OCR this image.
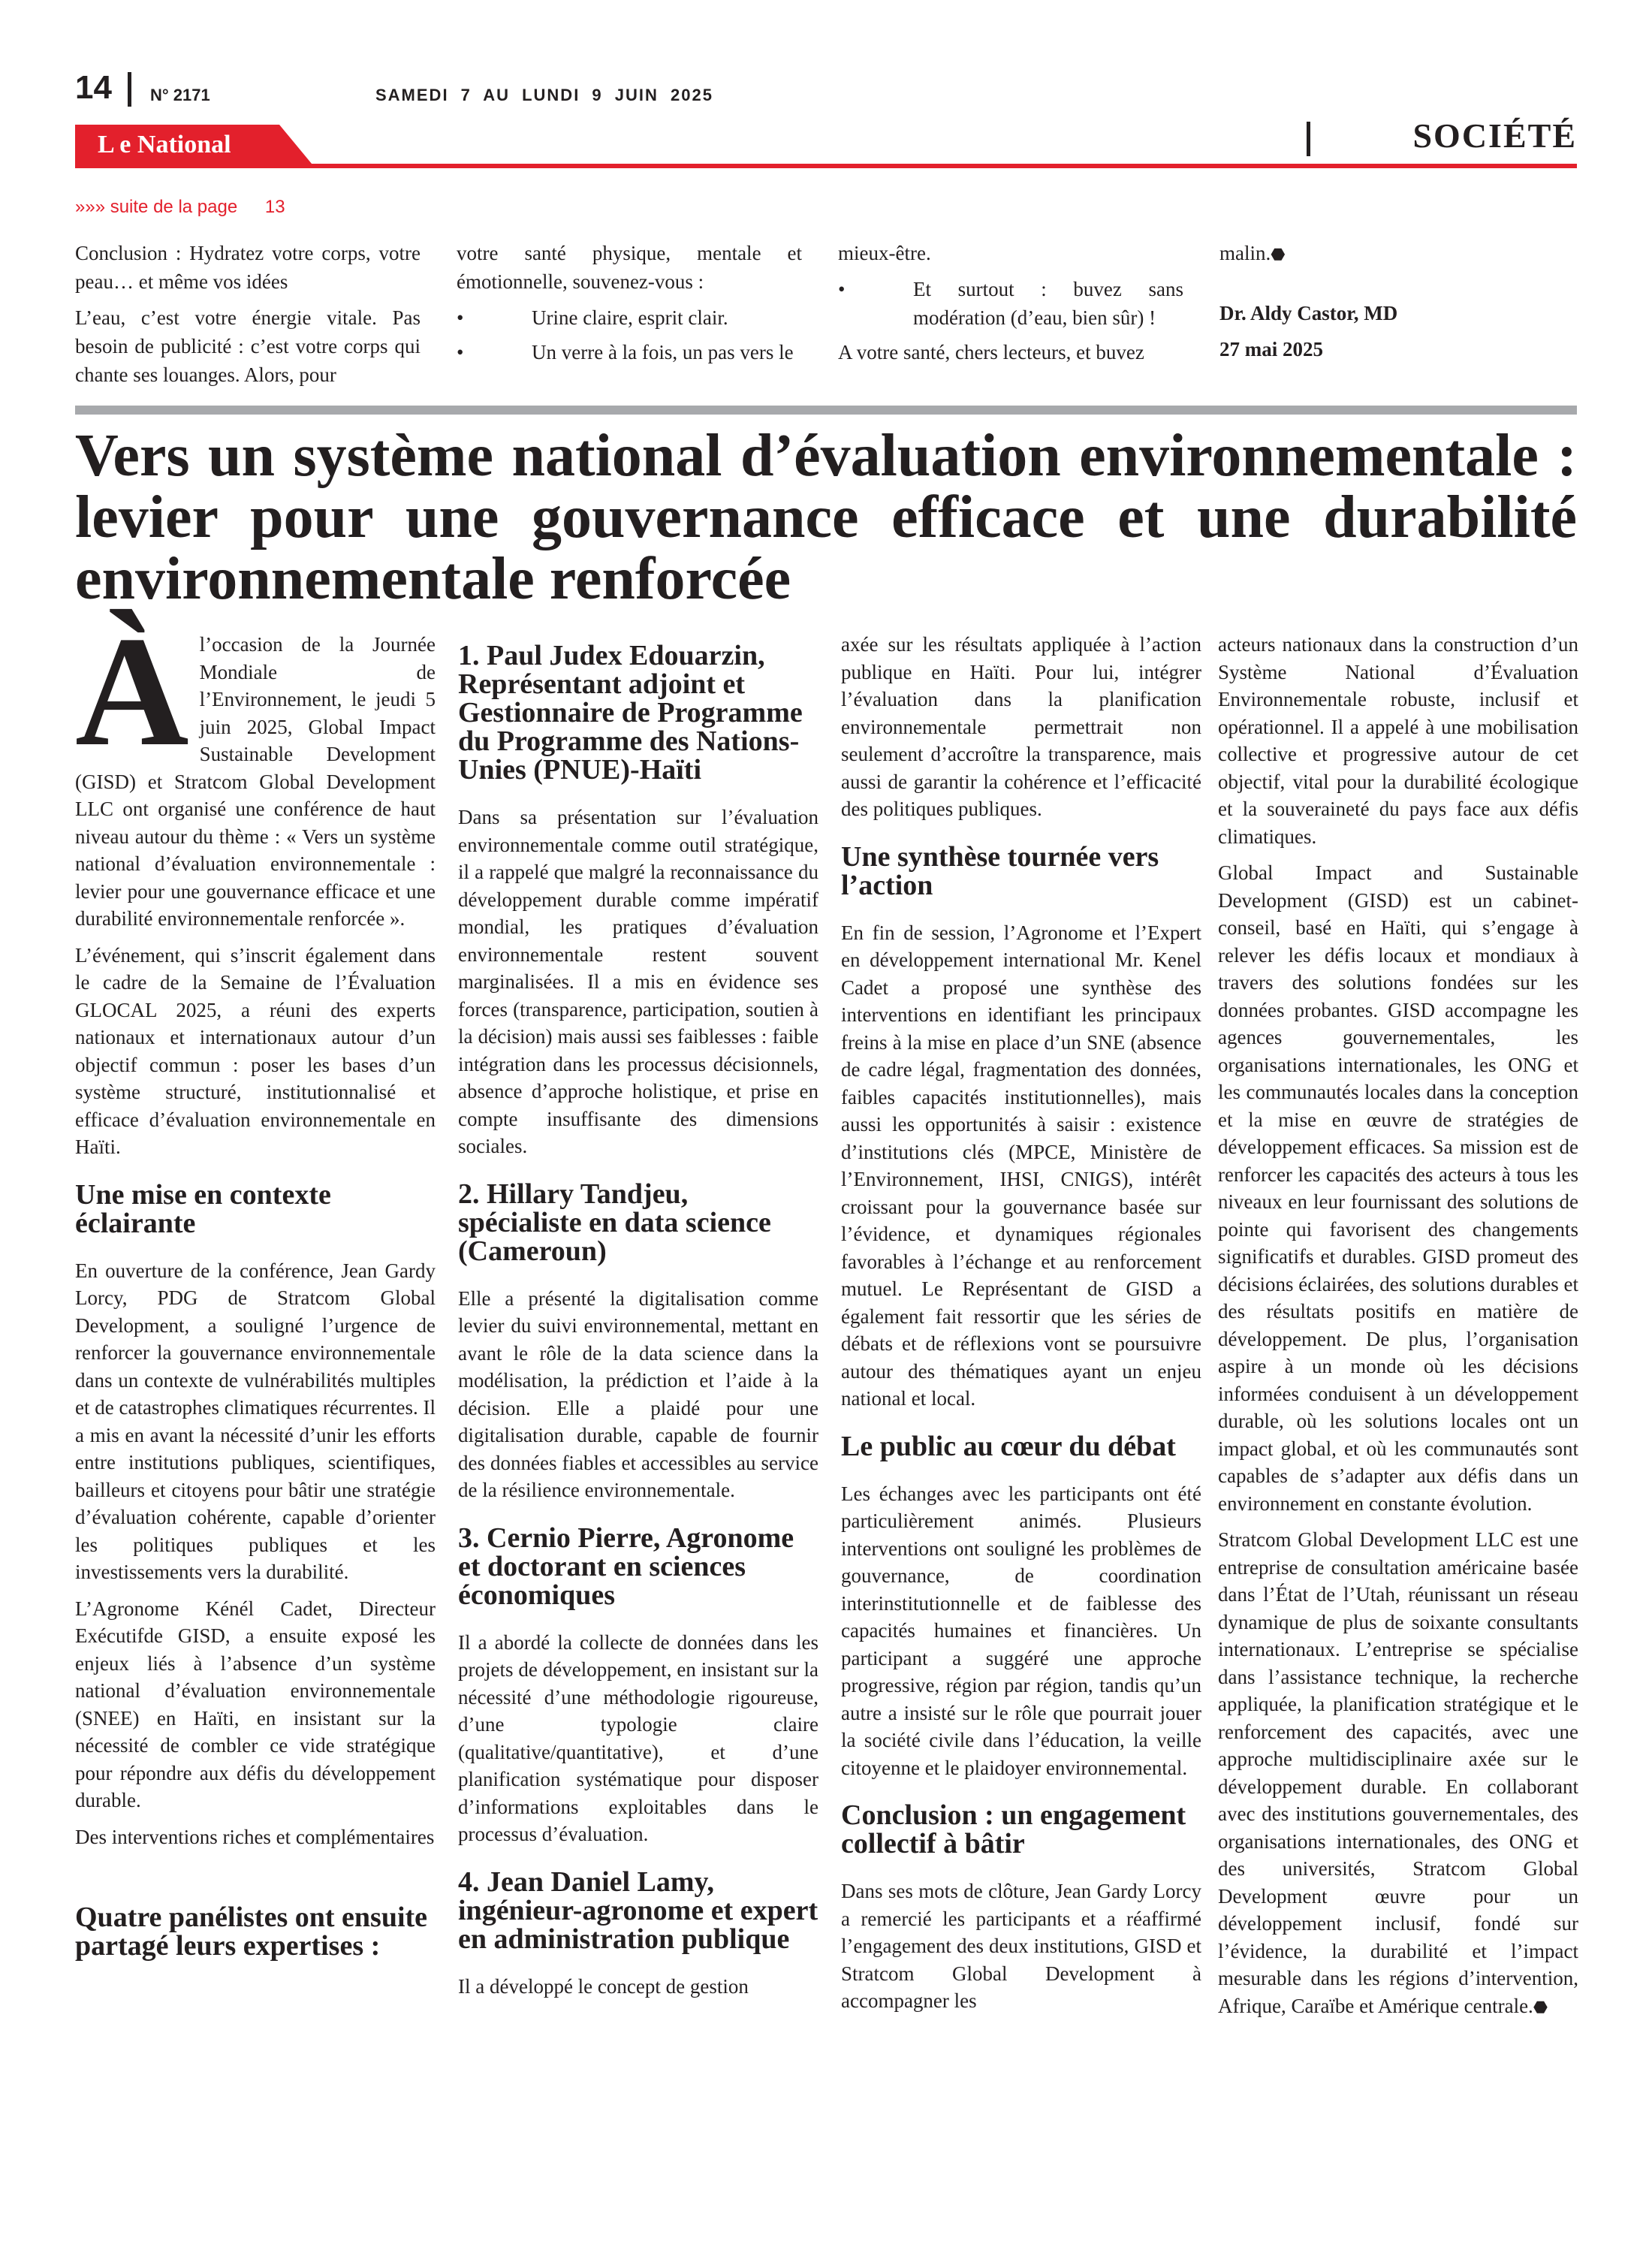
14 N° 2171	SAMEDI 7 AU LUNDI 9 JUIN 2025
L e National	SOCIÉTÉ
»»» suite de la page 13

Conclusion : Hydratez votre corps, votre peau… et même vos idées

L’eau, c’est votre énergie vitale. Pas besoin de publicité : c’est votre corps qui chante ses louanges. Alors, pour

votre santé physique, mentale et émotionnelle, souvenez-vous :

• Urine claire, esprit clair.
• Un verre à la fois, un pas vers le

mieux-être.

• Et surtout : buvez sans modération (d’eau, bien sûr) !

A votre santé, chers lecteurs, et buvez

malin.⬣

Dr. Aldy Castor, MD

27 mai 2025

Vers un système national d’évaluation environnementale : levier pour une gouvernance efficace et une durabilité environnementale renforcée

Àl’occasion de la Journée Mondiale de l’Environnement, le jeudi 5 juin 2025, Global Impact Sustainable Development (GISD) et Stratcom Global Development LLC ont organisé une conférence de haut niveau autour du thème : « Vers un système national d’évaluation environnementale : levier pour une gouvernance efficace et une durabilité environnementale renforcée ».

L’événement, qui s’inscrit également dans le cadre de la Semaine de l’Évaluation GLOCAL 2025, a réuni des experts nationaux et internationaux autour d’un objectif commun : poser les bases d’un système structuré, institutionnalisé et efficace d’évaluation environnementale en Haïti.

Une mise en contexte éclairante

En ouverture de la conférence, Jean Gardy Lorcy, PDG de Stratcom Global Development, a souligné l’urgence de renforcer la gouvernance environnementale dans un contexte de vulnérabilités multiples et de catastrophes climatiques récurrentes. Il a mis en avant la nécessité d’unir les efforts entre institutions publiques, scientifiques, bailleurs et citoyens pour bâtir une stratégie d’évaluation cohérente, capable d’orienter les politiques publiques et les investissements vers la durabilité.

L’Agronome Kénél Cadet, Directeur Exécutifde GISD, a ensuite exposé les enjeux liés à l’absence d’un système national d’évaluation environnementale (SNEE) en Haïti, en insistant sur la nécessité de combler ce vide stratégique pour répondre aux défis du développement durable.

Des interventions riches et complémentaires

Quatre panélistes ont ensuite partagé leurs expertises :
1. Paul Judex Edouarzin, Représentant adjoint et Gestionnaire de Programme du Programme des Nations-Unies (PNUE)-Haïti

Dans sa présentation sur l’évaluation environnementale comme outil stratégique, il a rappelé que malgré la reconnaissance du développement durable comme impératif mondial, les pratiques d’évaluation environnementale restent souvent marginalisées. Il a mis en évidence ses forces (transparence, participation, soutien à la décision) mais aussi ses faiblesses : faible intégration dans les processus décisionnels, absence d’approche holistique, et prise en compte insuffisante des dimensions sociales.

2. Hillary Tandjeu, spécialiste en data science (Cameroun)

Elle a présenté la digitalisation comme levier du suivi environnemental, mettant en avant le rôle de la data science dans la modélisation, la prédiction et l’aide à la décision. Elle a plaidé pour une digitalisation durable, capable de fournir des données fiables et accessibles au service de la résilience environnementale.

3. Cernio Pierre, Agronome et doctorant en sciences économiques

Il a abordé la collecte de données dans les projets de développement, en insistant sur la nécessité d’une méthodologie rigoureuse, d’une typologie claire (qualitative/quantitative), et d’une planification systématique pour disposer d’informations exploitables dans le processus d’évaluation.

4. Jean Daniel Lamy, ingénieur-agronome et expert en administration publique

Il a développé le concept de gestion

axée sur les résultats appliquée à l’action publique en Haïti. Pour lui, intégrer l’évaluation dans la planification environnementale permettrait non seulement d’accroître la transparence, mais aussi de garantir la cohérence et l’efficacité des politiques publiques.

Une synthèse tournée vers l’action

En fin de session, l’Agronome et l’Expert en développement international Mr. Kenel Cadet a proposé une synthèse des interventions en identifiant les principaux freins à la mise en place d’un SNE (absence de cadre légal, fragmentation des données, faibles capacités institutionnelles), mais aussi les opportunités à saisir : existence d’institutions clés (MPCE, Ministère de l’Environnement, IHSI, CNIGS), intérêt croissant pour la gouvernance basée sur l’évidence, et dynamiques régionales favorables à l’échange et au renforcement mutuel. Le Représentant de GISD a également fait ressortir que les séries de débats et de réflexions vont se poursuivre autour des thématiques ayant un enjeu national et local.

Le public au cœur du débat

Les échanges avec les participants ont été particulièrement animés. Plusieurs interventions ont souligné les problèmes de gouvernance, de coordination interinstitutionnelle et de faiblesse des capacités humaines et financières. Un participant a suggéré une approche progressive, région par région, tandis qu’un autre a insisté sur le rôle que pourrait jouer la société civile dans l’éducation, la veille citoyenne et le plaidoyer environnemental.

Conclusion : un engagement collectif à bâtir

Dans ses mots de clôture, Jean Gardy Lorcy a remercié les participants et a réaffirmé l’engagement des deux institutions, GISD et Stratcom Global Development à accompagner les

acteurs nationaux dans la construction d’un Système National d’Évaluation Environnementale robuste, inclusif et opérationnel. Il a appelé à une mobilisation collective et progressive autour de cet objectif, vital pour la durabilité écologique et la souveraineté du pays face aux défis climatiques.

Global Impact and Sustainable Development (GISD) est un cabinet-conseil, basé en Haïti, qui s’engage à relever les défis locaux et mondiaux à travers des solutions fondées sur les données probantes. GISD accompagne les agences gouvernementales, les organisations internationales, les ONG et les communautés locales dans la conception et la mise en œuvre de stratégies de développement efficaces. Sa mission est de renforcer les capacités des acteurs à tous les niveaux en leur fournissant des solutions de pointe qui favorisent des changements significatifs et durables. GISD promeut des décisions éclairées, des solutions durables et des résultats positifs en matière de développement. De plus, l’organisation aspire à un monde où les décisions informées conduisent à un développement durable, où les solutions locales ont un impact global, et où les communautés sont capables de s’adapter aux défis dans un environnement en constante évolution.

Stratcom Global Development LLC est une entreprise de consultation américaine basée dans l’État de l’Utah, réunissant un réseau dynamique de plus de soixante consultants internationaux. L’entreprise se spécialise dans l’assistance technique, la recherche appliquée, la planification stratégique et le renforcement des capacités, avec une approche multidisciplinaire axée sur le développement durable. En collaborant avec des institutions gouvernementales, des organisations internationales, des ONG et des universités, Stratcom Global Development œuvre pour un développement inclusif, fondé sur l’évidence, la durabilité et l’impact mesurable dans les régions d’intervention, Afrique, Caraïbe et Amérique centrale.⬣
